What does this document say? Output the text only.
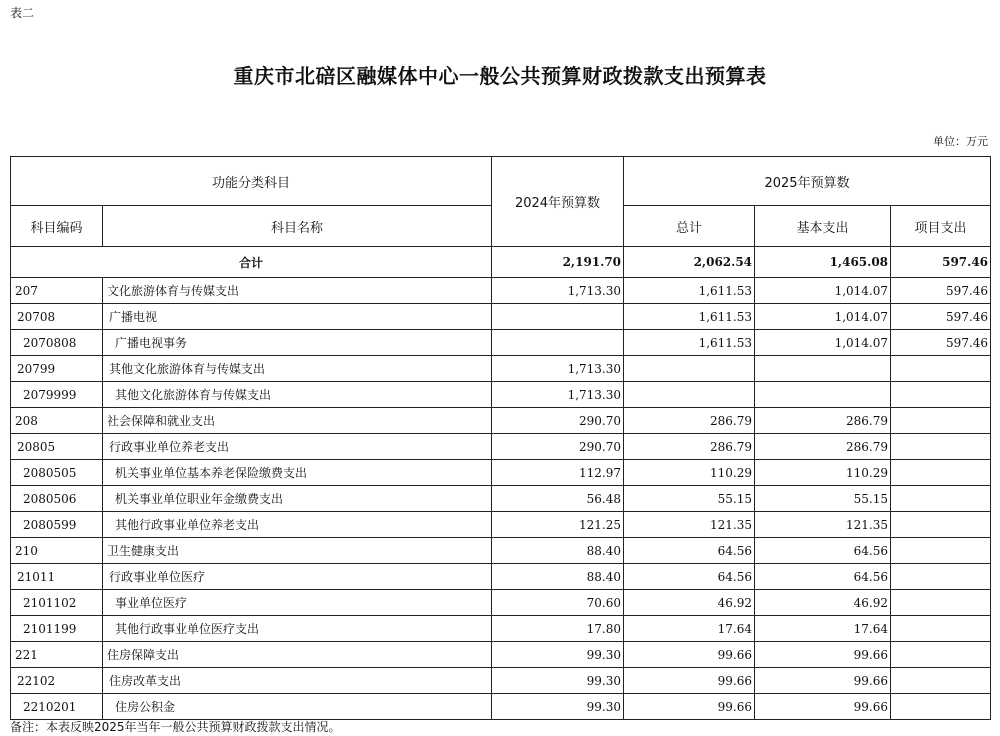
表二
重庆市北碚区融媒体中心一般公共预算财政拨款支出预算表
单位：万元
功能分类科目		2024年预算数	2025年预算数		
科目编码	科目名称		总计	基本支出	项目支出
合计		2,191.70	2,062.54	1,465.08	597.46
207	文化旅游体育与传媒支出	1,713.30	1,611.53	1,014.07	597.46
20708	广播电视		1,611.53	1,014.07	597.46
2070808	广播电视事务		1,611.53	1,014.07	597.46
20799	其他文化旅游体育与传媒支出	1,713.30			
2079999	其他文化旅游体育与传媒支出	1,713.30			
208	社会保障和就业支出	290.70	286.79	286.79	
20805	行政事业单位养老支出	290.70	286.79	286.79	
2080505	机关事业单位基本养老保险缴费支出	112.97	110.29	110.29	
2080506	机关事业单位职业年金缴费支出	56.48	55.15	55.15	
2080599	其他行政事业单位养老支出	121.25	121.35	121.35	
210	卫生健康支出	88.40	64.56	64.56	
21011	行政事业单位医疗	88.40	64.56	64.56	
2101102	事业单位医疗	70.60	46.92	46.92	
2101199	其他行政事业单位医疗支出	17.80	17.64	17.64	
221	住房保障支出	99.30	99.66	99.66	
22102	住房改革支出	99.30	99.66	99.66	
2210201	住房公积金	99.30	99.66	99.66	
备注：本表反映2025年当年一般公共预算财政拨款支出情况。
